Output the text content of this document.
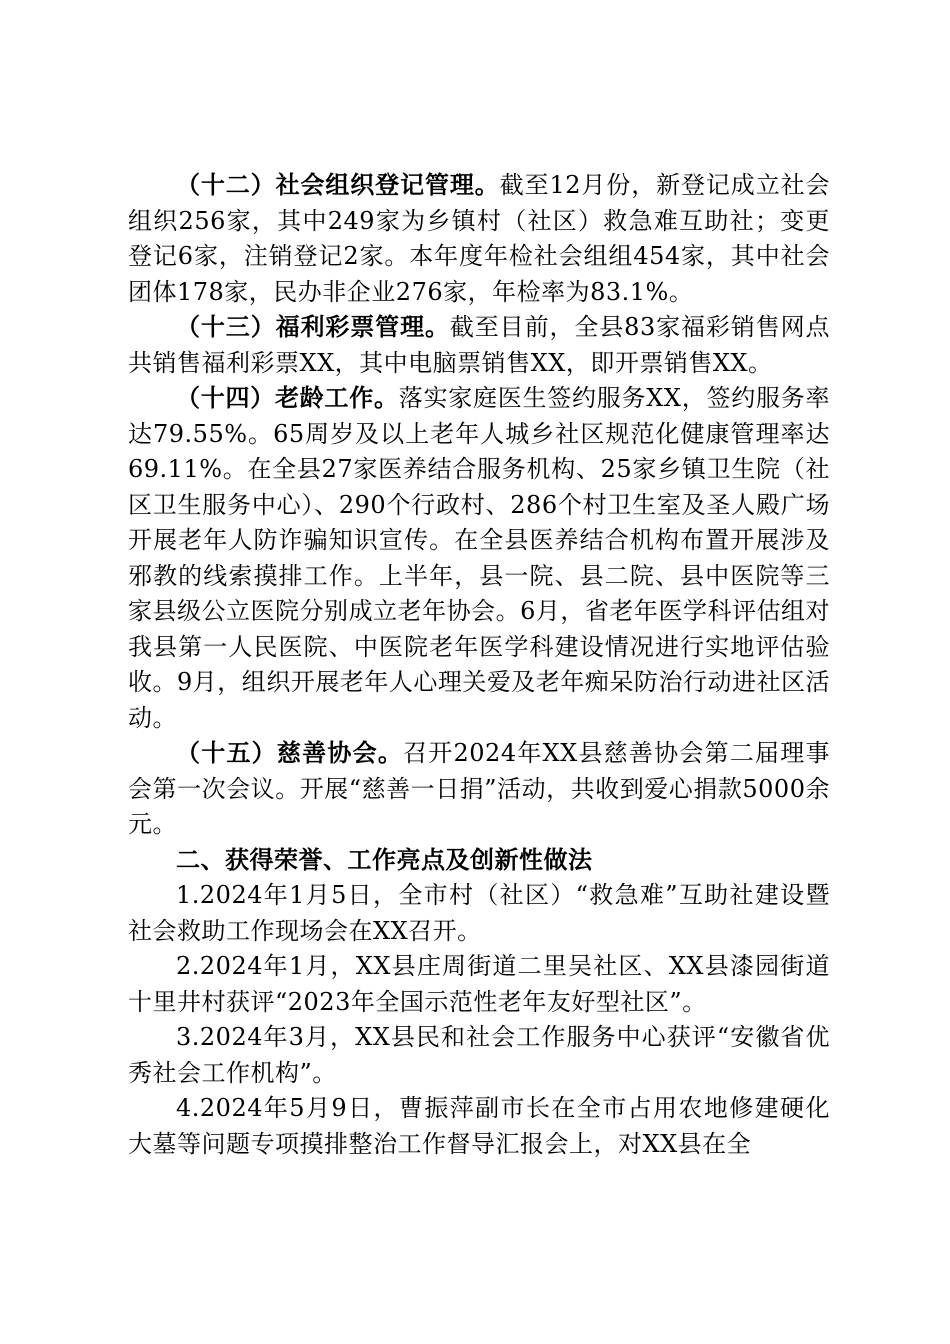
（十二）社会组织登记管理。截至12月份，新登记成立社会组织256家，其中249家为乡镇村（社区）救急难互助社；变更登记6家，注销登记2家。本年度年检社会组组454家，其中社会团体178家，民办非企业276家，年检率为83.1%。

（十三）福利彩票管理。截至目前，全县83家福彩销售网点共销售福利彩票XX，其中电脑票销售XX，即开票销售XX。

（十四）老龄工作。落实家庭医生签约服务XX，签约服务率达79.55%。65周岁及以上老年人城乡社区规范化健康管理率达69.11%。在全县27家医养结合服务机构、25家乡镇卫生院（社区卫生服务中心）、290个行政村、286个村卫生室及圣人殿广场开展老年人防诈骗知识宣传。在全县医养结合机构布置开展涉及邪教的线索摸排工作。上半年，县一院、县二院、县中医院等三家县级公立医院分别成立老年协会。6月，省老年医学科评估组对我县第一人民医院、中医院老年医学科建设情况进行实地评估验收。9月，组织开展老年人心理关爱及老年痴呆防治行动进社区活动。

（十五）慈善协会。召开2024年XX县慈善协会第二届理事会第一次会议。开展“慈善一日捐”活动，共收到爱心捐款5000余元。

二、获得荣誉、工作亮点及创新性做法

1.2024年1月5日，全市村（社区）“救急难”互助社建设暨社会救助工作现场会在XX召开。

2.2024年1月，XX县庄周街道二里吴社区、XX县漆园街道十里井村获评“2023年全国示范性老年友好型社区”。

3.2024年3月，XX县民和社会工作服务中心获评“安徽省优秀社会工作机构”。

4.2024年5月9日，曹振萍副市长在全市占用农地修建硬化大墓等问题专项摸排整治工作督导汇报会上，对XX县在全
